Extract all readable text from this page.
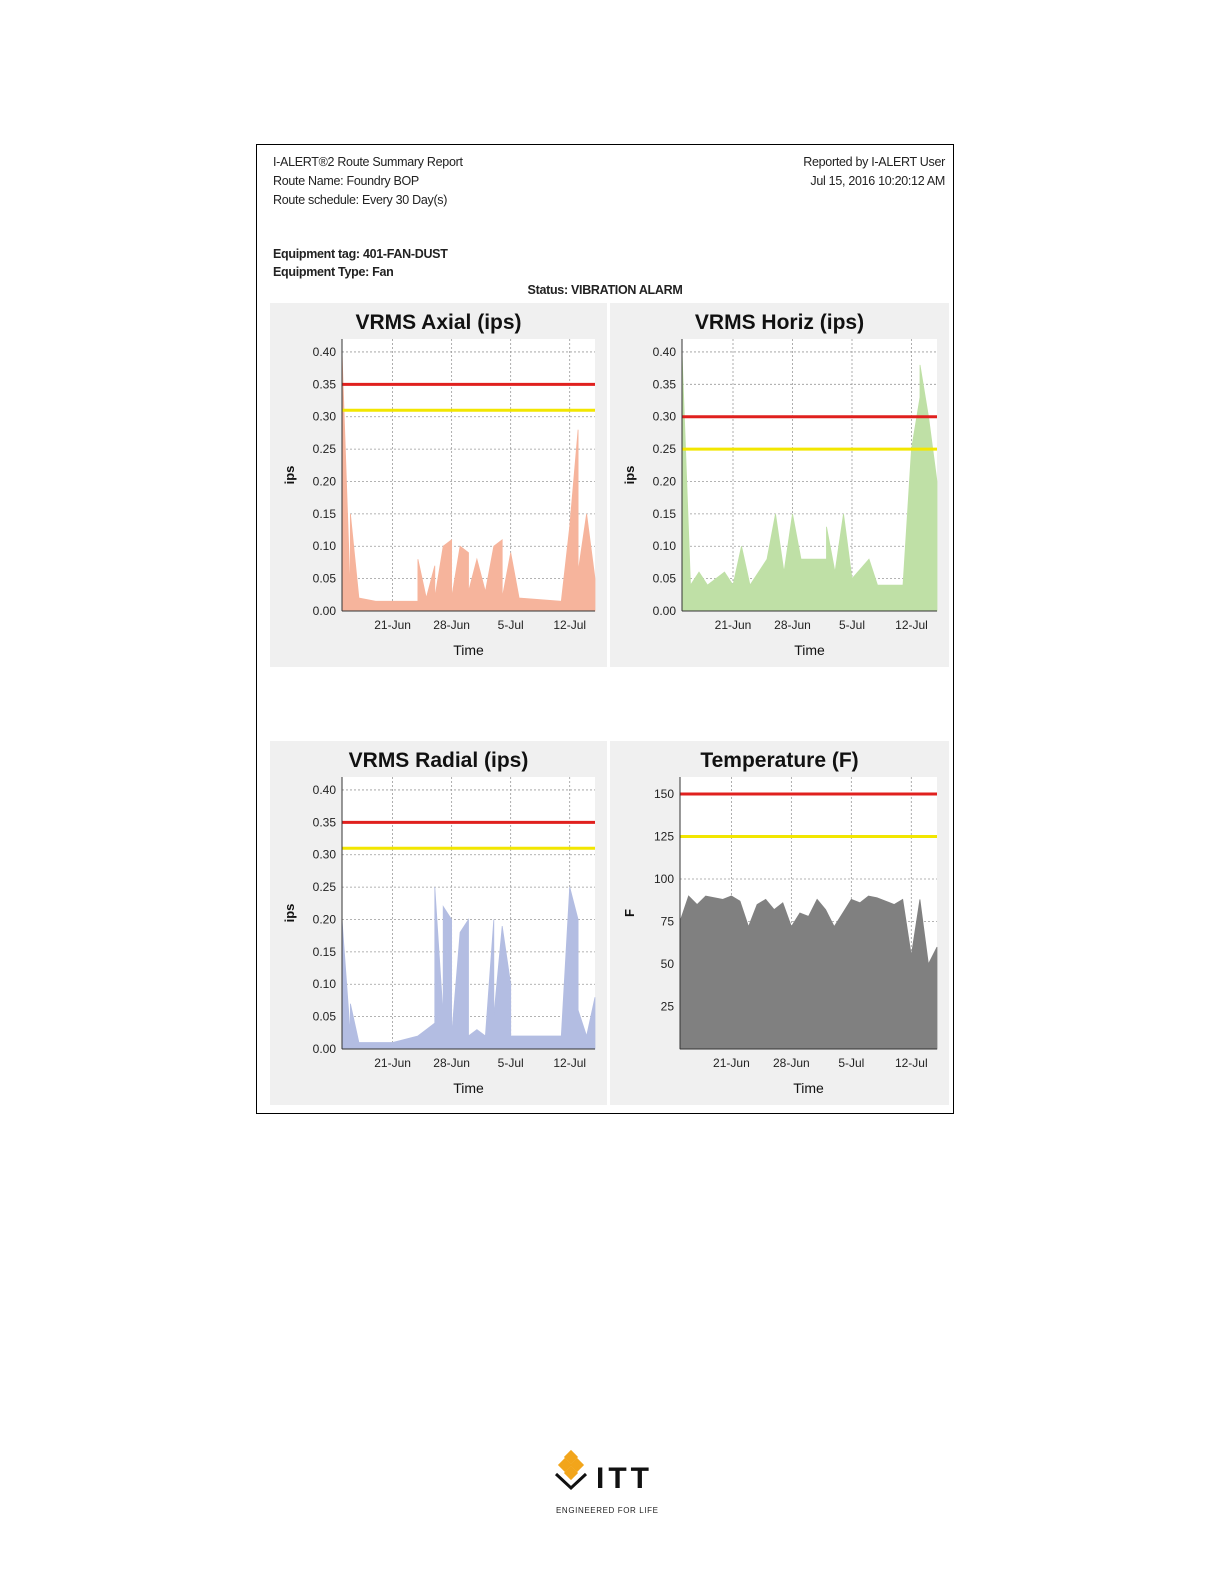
I-ALERT®2 Route Summary Report
Route Name: Foundry BOP
Route schedule: Every 30 Day(s)
Reported by I-ALERT User
Jul 15, 2016 10:20:12 AM
Equipment tag: 401-FAN-DUST
Equipment Type: Fan
Status: VIBRATION ALARM
VRMS Axial (ips)
0.00
0.05
0.10
0.15
0.20
0.25
0.30
0.35
0.40
21-Jun 28-Jun 5-Jul 12-Jul
Time
ips
VRMS Horiz (ips)
0.00
0.05
0.10
0.15
0.20
0.25
0.30
0.35
0.40
21-Jun 28-Jun 5-Jul	12-Jul
Time
ips
VRMS Radial (ips)
0.00
0.05
0.10
0.15
0.20
0.25
0.30
0.35
0.40
21-Jun 28-Jun 5-Jul 12-Jul
Time
ips
Temperature (F)
25
50
75
100
125
150
21-Jun 28-Jun 5-Jul	12-Jul
Time
F
ITT
ENGINEERED FOR LIFE
